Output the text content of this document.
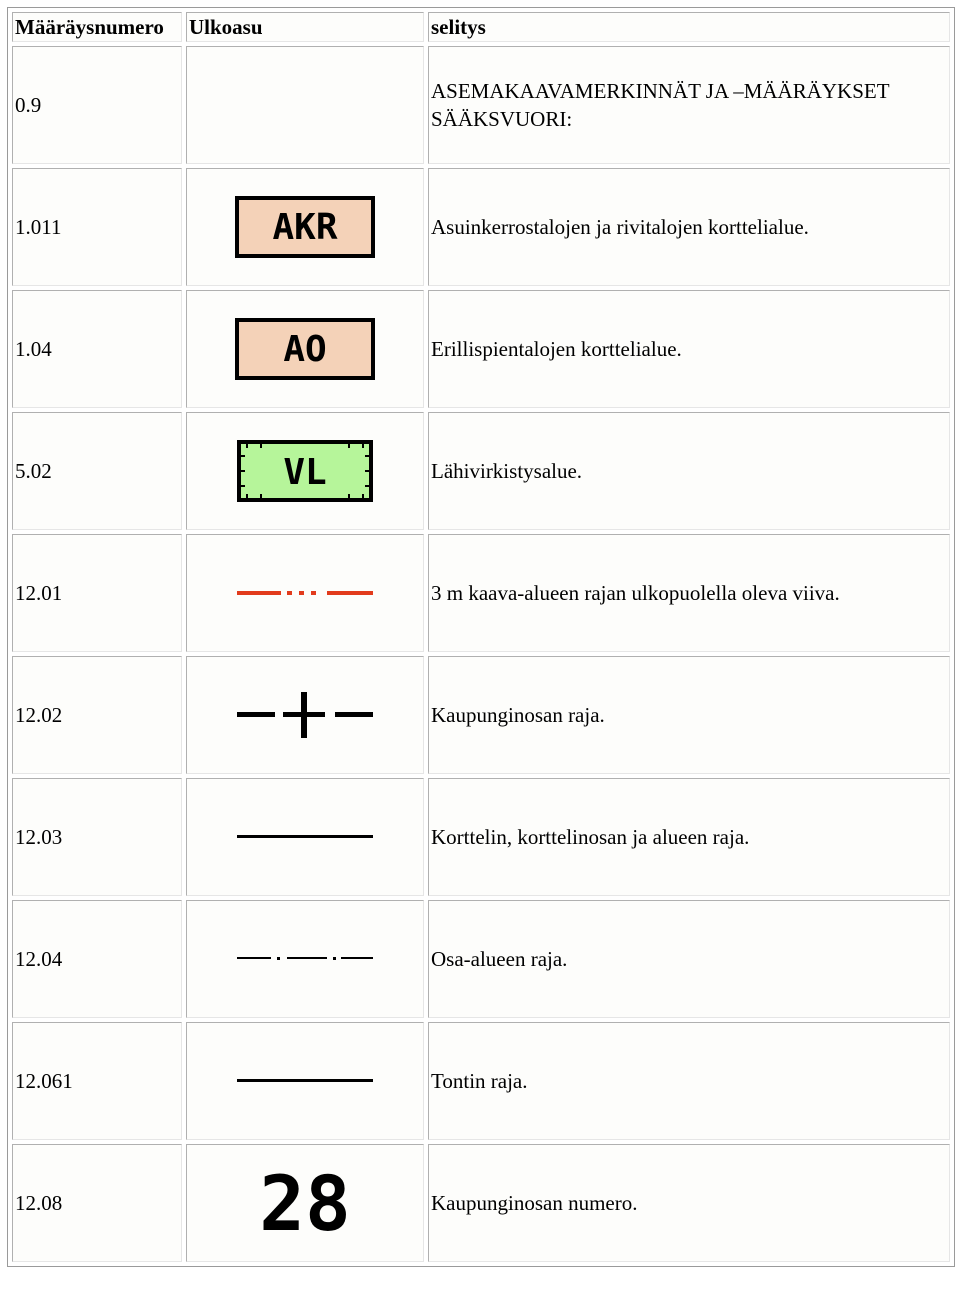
Määräysnumero	Ulkoasu	selitys
0.9		ASEMAKAAVAMERKINNÄT JA –MÄÄRÄYKSET SÄÄKSVUORI:
1.011	AKR	Asuinkerrostalojen ja rivitalojen korttelialue.
1.04	AO	Erillispientalojen korttelialue.
5.02	VL	Lähivirkistysalue.
12.01		3 m kaava-alueen rajan ulkopuolella oleva viiva.
12.02		Kaupunginosan raja.
12.03		Korttelin, korttelinosan ja alueen raja.
12.04		Osa-alueen raja.
12.061		Tontin raja.
12.08	28	Kaupunginosan numero.
